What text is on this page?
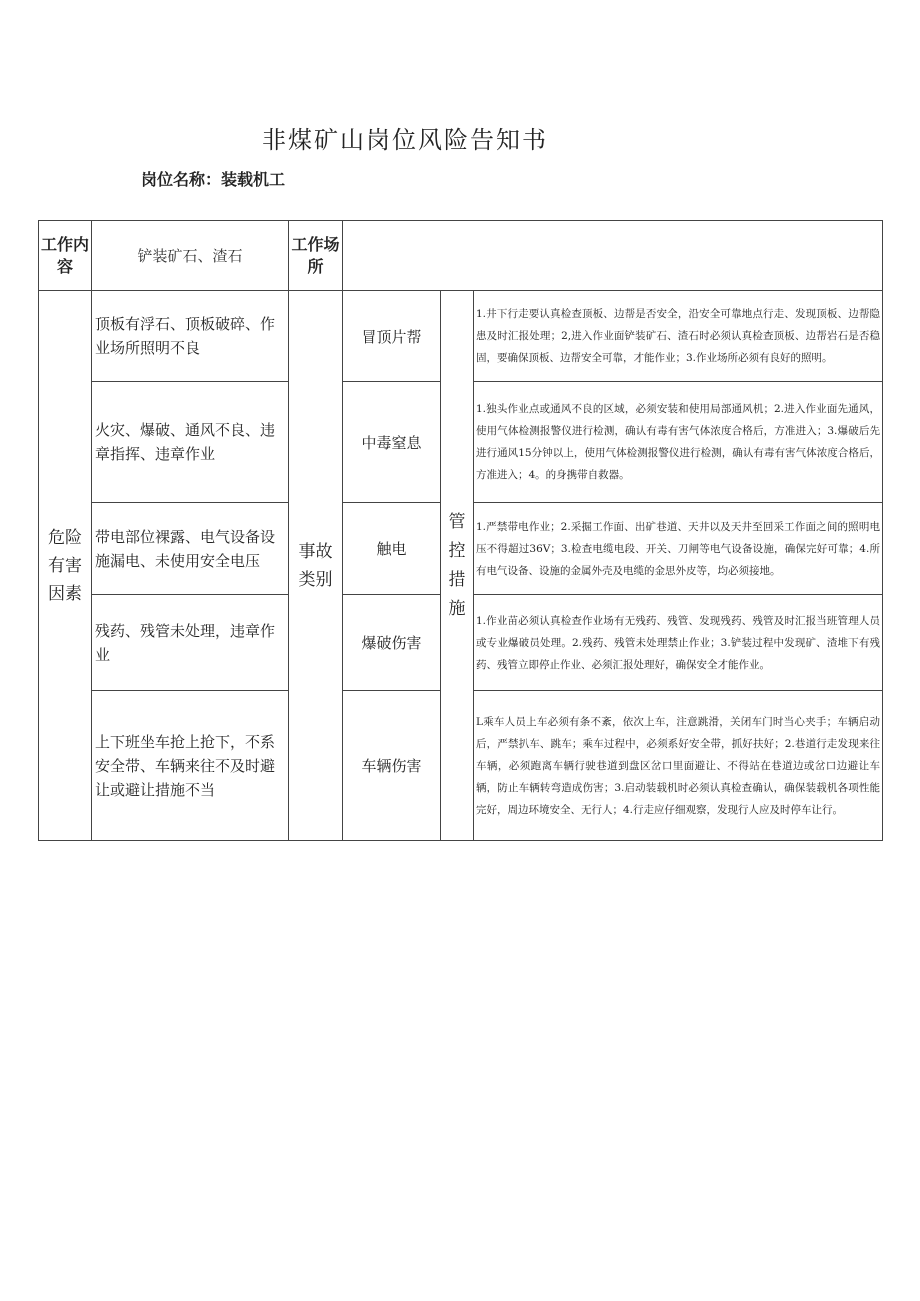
非煤矿山岗位风险告知书
岗位名称：装载机工
工作内容	铲装矿石、渣石	工作场所			
危险有害因素	顶板有浮石、顶板破碎、作业场所照明不良	事故类别	冒顶片帮	管控措施	1.井下行走要认真检查顶板、边帮是否安全，沿安全可靠地点行走、发现顶板、边帮隐患及时汇报处理；2,进入作业面铲装矿石、渣石时必须认真检查顶板、边帮岩石是否稳固，要确保顶板、边帮安全可靠，才能作业；3.作业场所必须有良好的照明。
	火灾、爆破、通风不良、违章指挥、违章作业		中毒窒息		1.独头作业点或通风不良的区域，必须安装和使用局部通风机；2.进入作业面先通风，使用气体检测报警仪进行检测，确认有毒有害气体浓度合格后，方准进入；3.爆破后先进行通风15分钟以上，使用气体检测报警仪进行检测，确认有毒有害气体浓度合格后，方准进入；4。的身携带自救器。
	带电部位裸露、电气设备设施漏电、未使用安全电压		触电		1.严禁带电作业；2.采掘工作面、出矿巷道、天井以及天井至回采工作面之间的照明电压不得超过36V；3.检查电缆电段、开关、刀闸等电气设备设施，确保完好可靠；4.所有电气设备、设施的金属外壳及电缆的金思外皮等，均必须接地。
	残药、残管未处理，违章作业		爆破伤害		1.作业苗必须认真检查作业场有无残药、残管、发现残药、残管及时汇报当班管理人员或专业爆破员处理。2.残药、残管未处理禁止作业；3.铲装过程中发现矿、渣堆下有残药、残管立即停止作业、必须汇报处理好，确保安全才能作业。
	上下班坐车抢上抢下，不系安全带、车辆来往不及时避让或避让措施不当		车辆伤害		L乘车人员上车必须有条不紊，依次上车，注意跳滑，关闭车门时当心夹手；车辆启动后，严禁扒车、跳车；乘车过程中，必须系好安全带，抓好扶好；2.巷道行走发现来往车辆，必须跑离车辆行驶巷道到盘区岔口里面避让、不得站在巷道边或岔口边避让车辆，防止车辆转弯造成伤害；3.启动装载机时必须认真检查确认，确保装载机各项性能完好，周边环境安全、无行人；4.行走应仔细观察，发现行人应及时停车让行。
